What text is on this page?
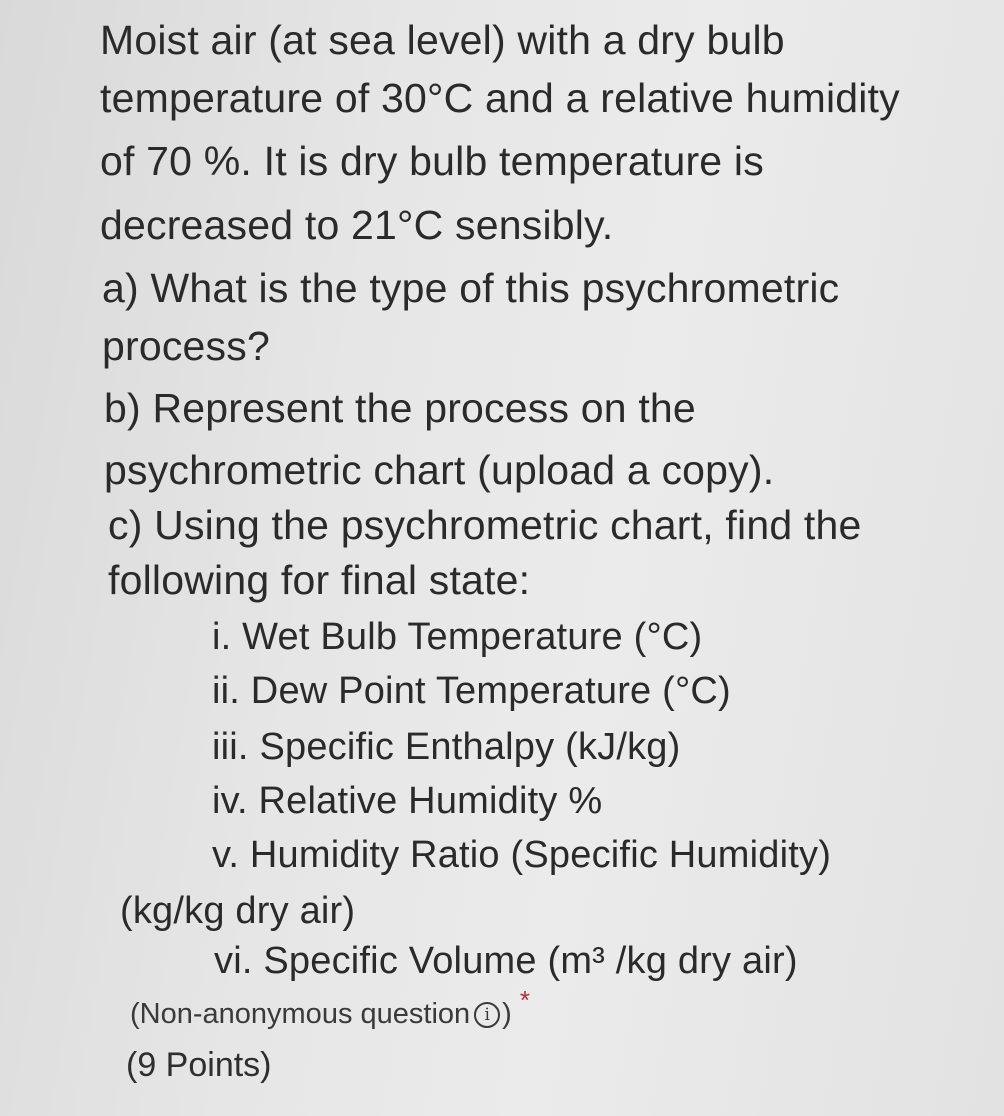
Moist air (at sea level) with a dry bulb
temperature of 30°C and a relative humidity
of 70 %. It is dry bulb temperature is
decreased to 21°C sensibly.
a) What is the type of this psychrometric
process?
b) Represent the process on the
psychrometric chart (upload a copy).
c) Using the psychrometric chart, find the
following for final state:
i. Wet Bulb Temperature (°C)
ii. Dew Point Temperature (°C)
iii. Specific Enthalpy (kJ/kg)
iv. Relative Humidity %
v. Humidity Ratio (Specific Humidity)
(kg/kg dry air)
vi. Specific Volume (m³ /kg dry air)
(Non-anonymous question i ) *
(9 Points)
